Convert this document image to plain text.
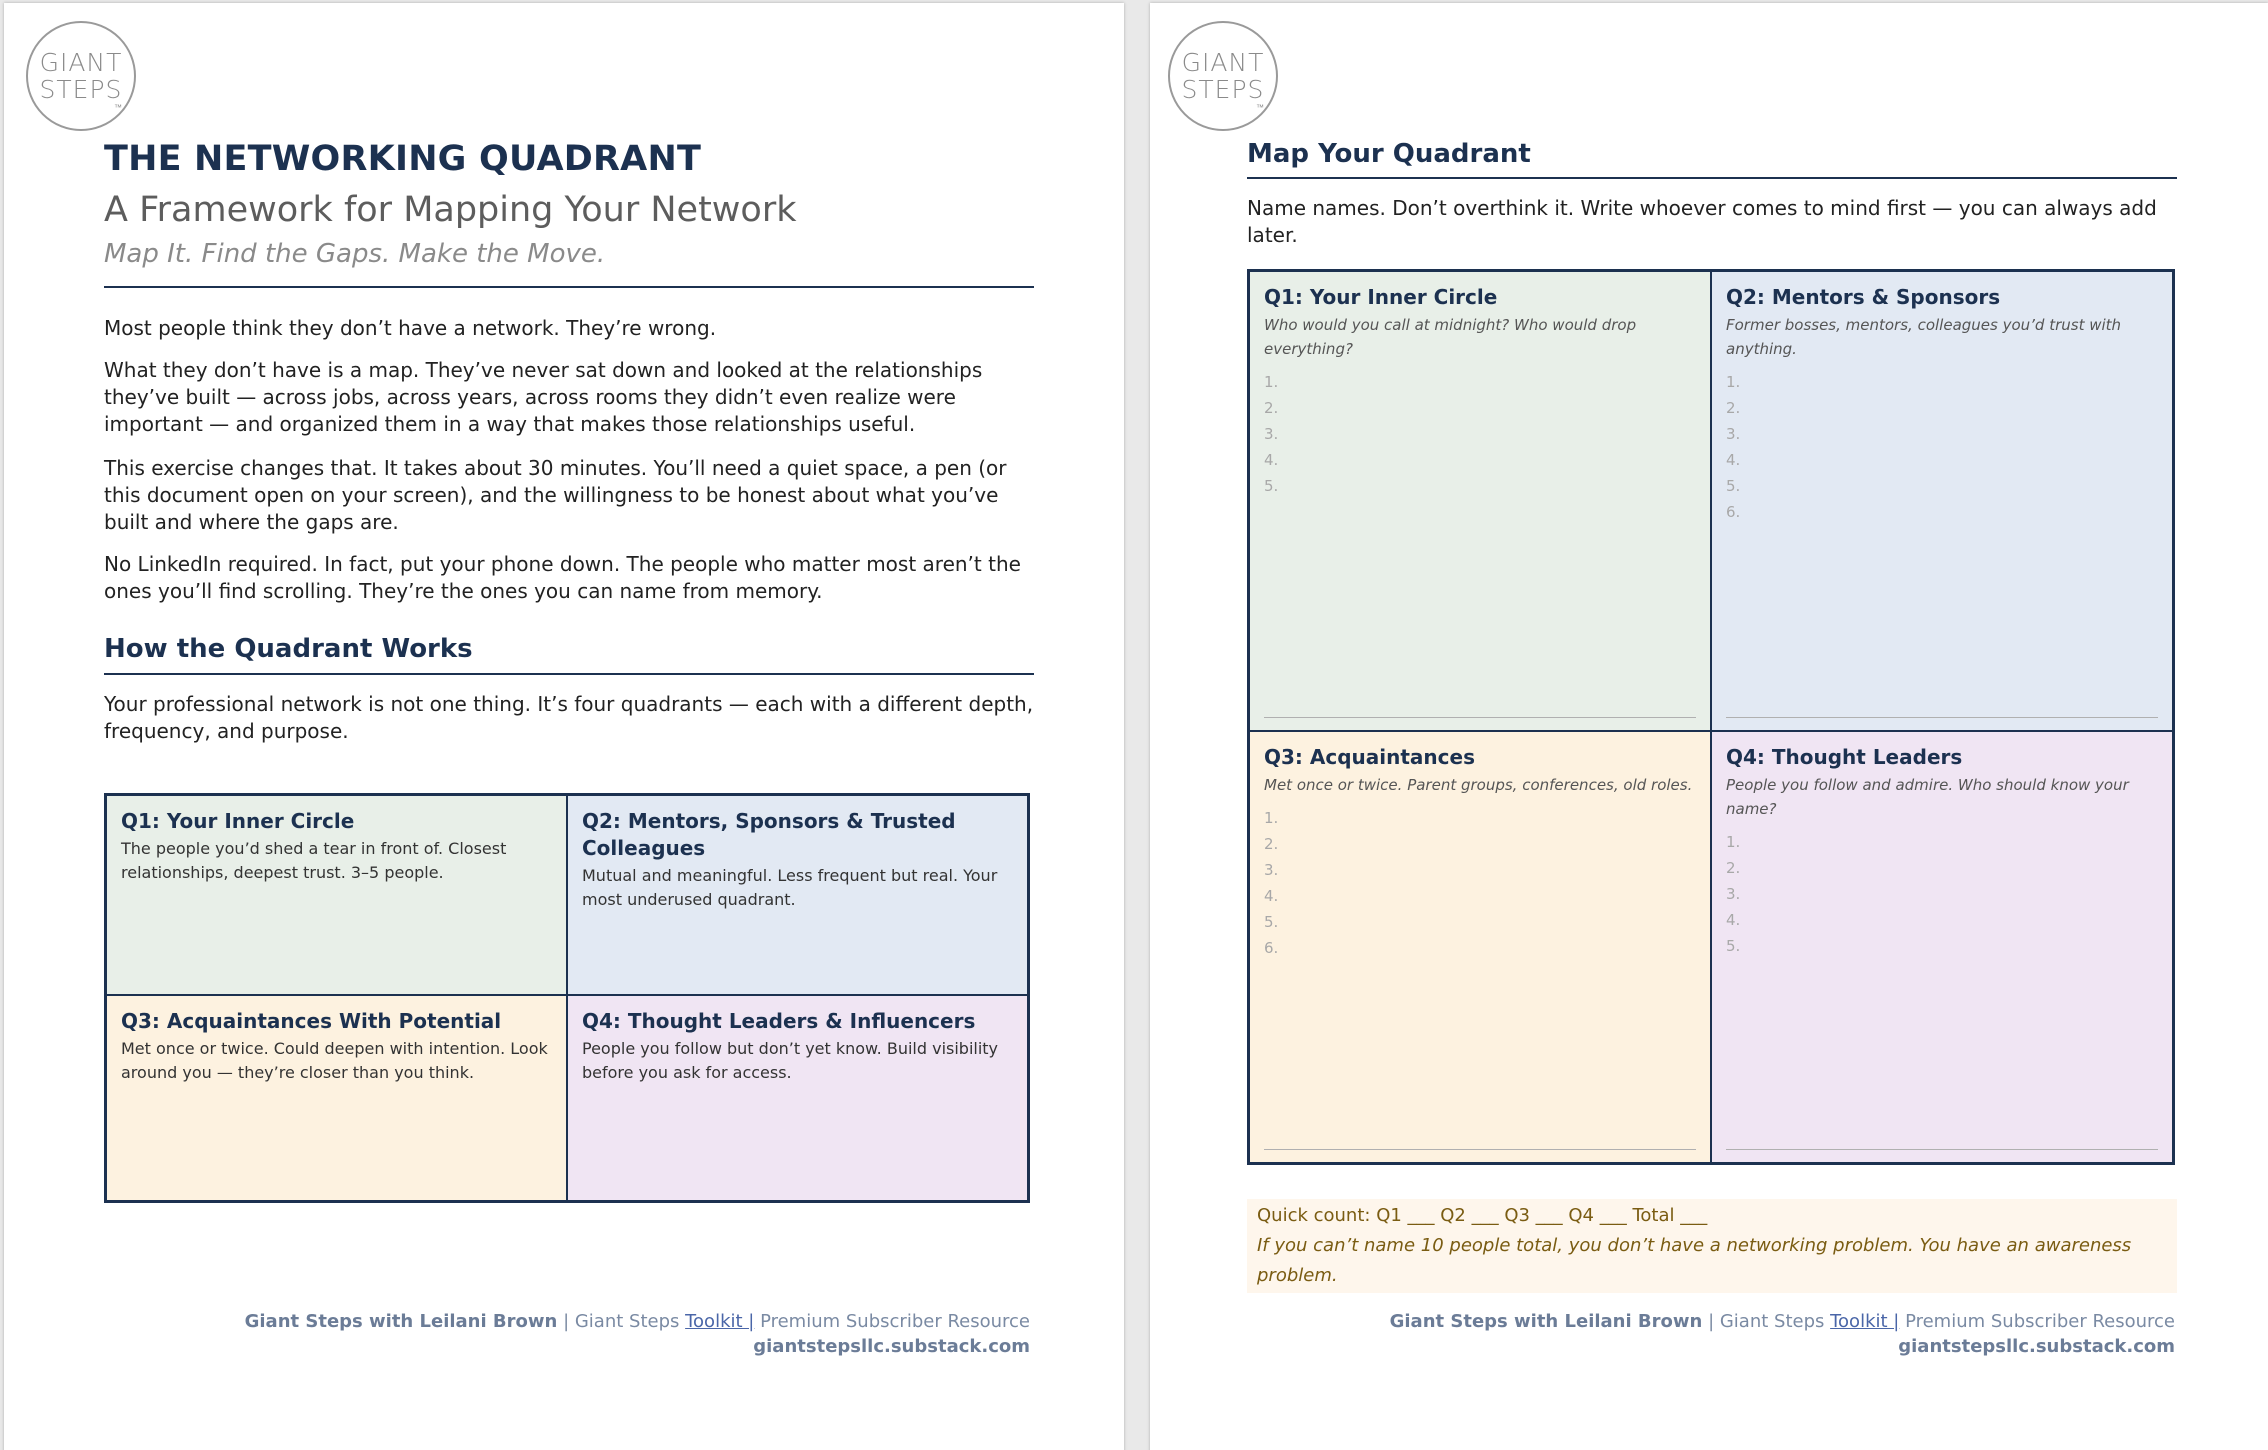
GIANT
STEPS
™
THE NETWORKING QUADRANT
A Framework for Mapping Your Network
Map It. Find the Gaps. Make the Move.

Most people think they don’t have a network. They’re wrong.

What they don’t have is a map. They’ve never sat down and looked at the relationships they’ve built — across jobs, across years, across rooms they didn’t even realize were important — and organized them in a way that makes those relationships useful.

This exercise changes that. It takes about 30 minutes. You’ll need a quiet space, a pen (or this document open on your screen), and the willingness to be honest about what you’ve built and where the gaps are.

No LinkedIn required. In fact, put your phone down. The people who matter most aren’t the ones you’ll find scrolling. They’re the ones you can name from memory.

How the Quadrant Works

Your professional network is not one thing. It’s four quadrants — each with a different depth, frequency, and purpose.

Q1: Your Inner Circle
The people you’d shed a tear in front of. Closest relationships, deepest trust. 3–5 people.
Q2: Mentors, Sponsors & Trusted Colleagues
Mutual and meaningful. Less frequent but real. Your most underused quadrant.
Q3: Acquaintances With Potential
Met once or twice. Could deepen with intention. Look around you — they’re closer than you think.
Q4: Thought Leaders & Influencers
People you follow but don’t yet know. Build visibility before you ask for access.
Giant Steps with Leilani Brown | Giant Steps Toolkit | Premium Subscriber Resource
giantstepsllc.substack.com
GIANT
STEPS
™
Map Your Quadrant

Name names. Don’t overthink it. Write whoever comes to mind first — you can always add later.

Q1: Your Inner Circle
Who would you call at midnight? Who would drop everything?
1.
2.
3.
4.
5.
Q2: Mentors & Sponsors
Former bosses, mentors, colleagues you’d trust with anything.
1.
2.
3.
4.
5.
6.
Q3: Acquaintances
Met once or twice. Parent groups, conferences, old roles.
1.
2.
3.
4.
5.
6.
Q4: Thought Leaders
People you follow and admire. Who should know your name?
1.
2.
3.
4.
5.
Quick count: Q1 ___ Q2 ___ Q3 ___ Q4 ___ Total ___
If you can’t name 10 people total, you don’t have a networking problem. You have an awareness problem.
Giant Steps with Leilani Brown | Giant Steps Toolkit | Premium Subscriber Resource
giantstepsllc.substack.com
